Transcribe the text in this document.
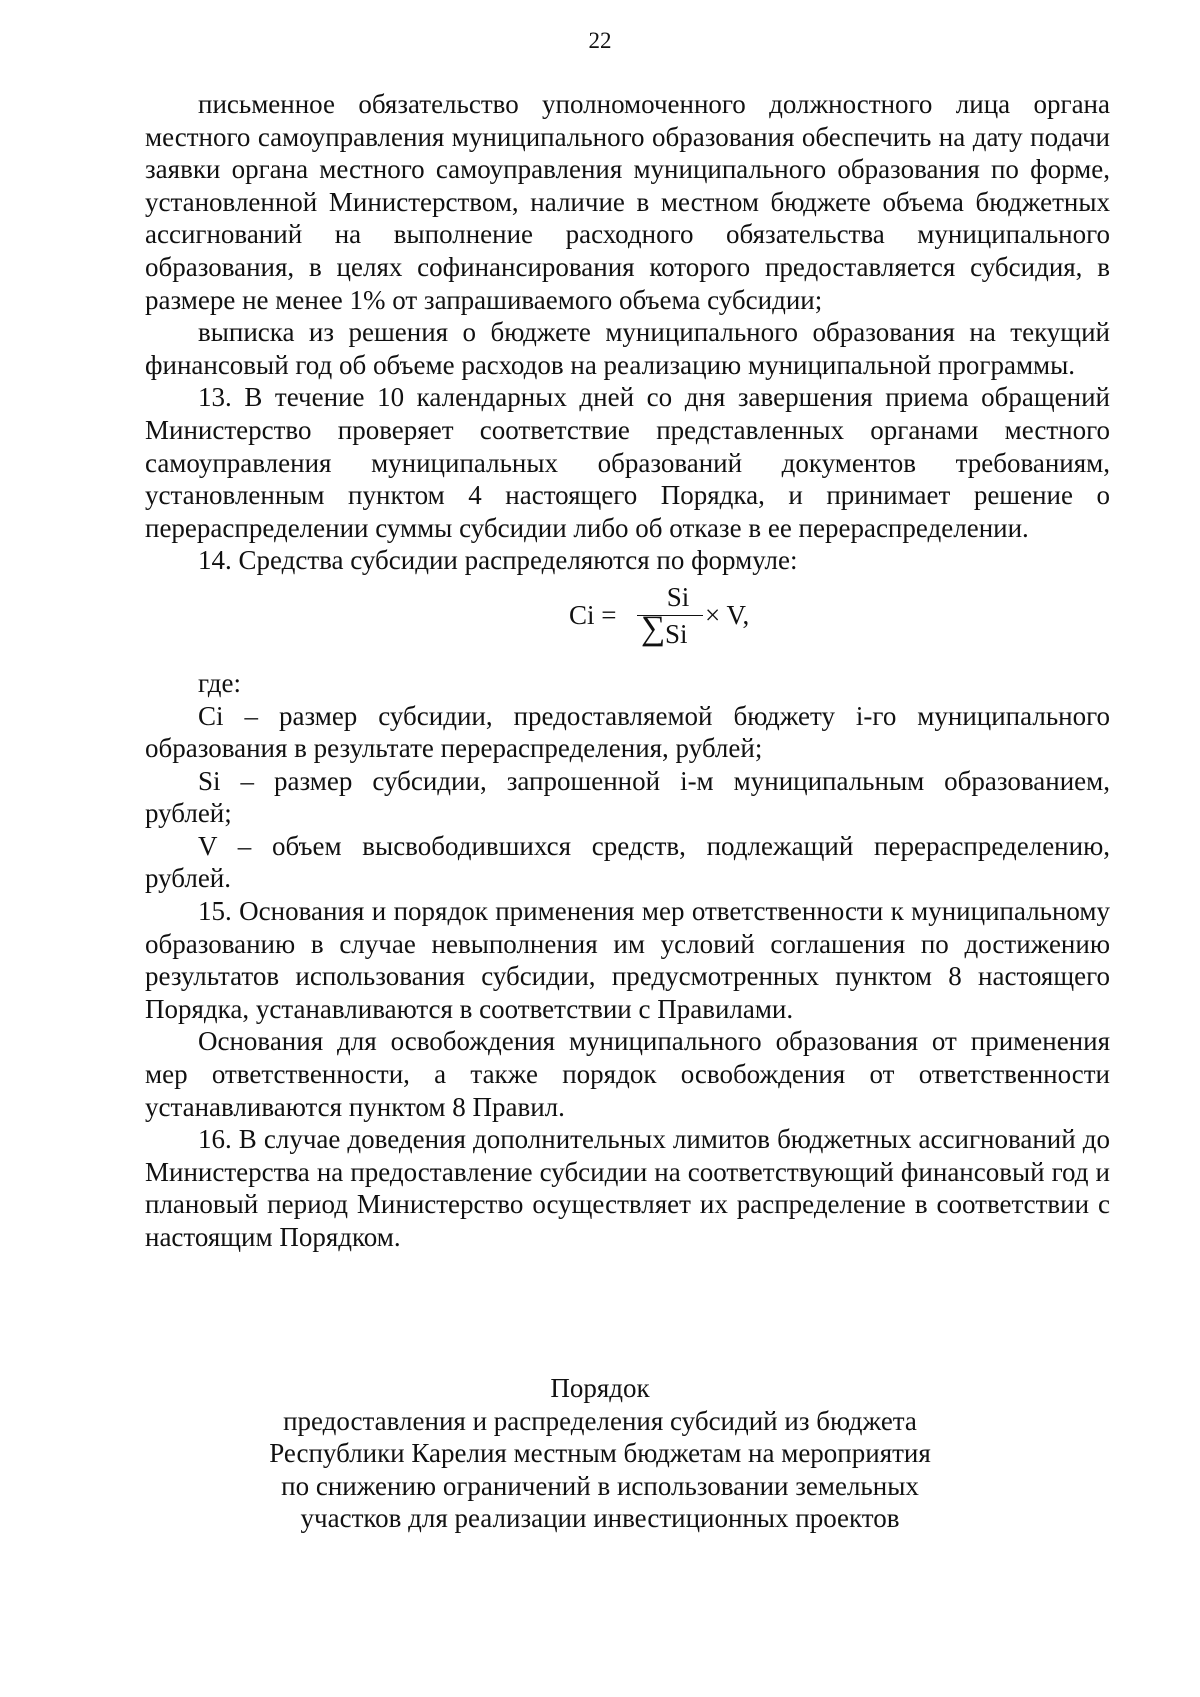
22

письменное обязательство уполномоченного должностного лица органа местного самоуправления муниципального образования обеспечить на дату подачи заявки органа местного самоуправления муниципального образования по форме, установленной Министерством, наличие в местном бюджете объема бюджетных ассигнований на выполнение расходного обязательства муниципального образования, в целях софинансирования которого предоставляется субсидия, в размере не менее 1% от запрашиваемого объема субсидии;

выписка из решения о бюджете муниципального образования на текущий финансовый год об объеме расходов на реализацию муниципальной программы.

13. В течение 10 календарных дней со дня завершения приема обращений Министерство проверяет соответствие представленных органами местного самоуправления муниципальных образований документов требованиям, установленным пунктом 4 настоящего Порядка, и принимает решение о перераспределении суммы субсидии либо об отказе в ее перераспределении.

14. Средства субсидии распределяются по формуле:

Ci =
Si
∑ Si
× V,

где:

Ci – размер субсидии, предоставляемой бюджету i-го муниципального образования в результате перераспределения, рублей;

Si – размер субсидии, запрошенной i-м муниципальным образованием, рублей;

V – объем высвободившихся средств, подлежащий перераспределению, рублей.

15. Основания и порядок применения мер ответственности к муниципальному образованию в случае невыполнения им условий соглашения по достижению результатов использования субсидии, предусмотренных пунктом 8 настоящего Порядка, устанавливаются в соответствии с Правилами.

Основания для освобождения муниципального образования от применения мер ответственности, а также порядок освобождения от ответственности устанавливаются пунктом 8 Правил.

16. В случае доведения дополнительных лимитов бюджетных ассигнований до Министерства на предоставление субсидии на соответствующий финансовый год и плановый период Министерство осуществляет их распределение в соответствии с настоящим Порядком.

Порядок
предоставления и распределения субсидий из бюджета
Республики Карелия местным бюджетам на мероприятия
по снижению ограничений в использовании земельных
участков для реализации инвестиционных проектов
